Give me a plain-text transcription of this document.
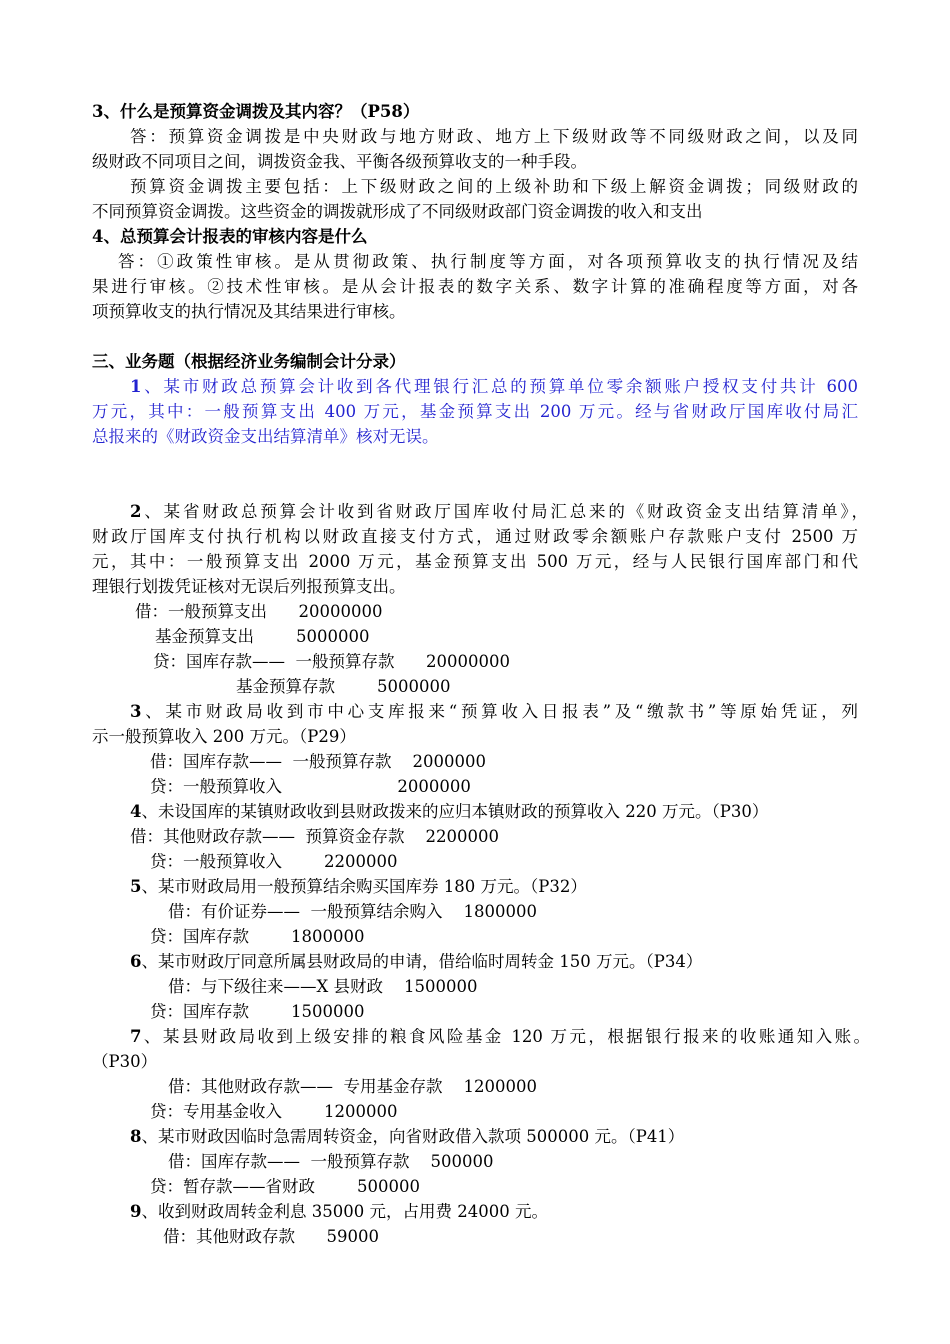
3、什么是预算资金调拨及其内容？（P58）
答：预算资金调拨是中央财政与地方财政、地方上下级财政等不同级财政之间，以及同
级财政不同项目之间，调拨资金我、平衡各级预算收支的一种手段。
预算资金调拨主要包括：上下级财政之间的上级补助和下级上解资金调拨；同级财政的
不同预算资金调拨。这些资金的调拨就形成了不同级财政部门资金调拨的收入和支出
4、总预算会计报表的审核内容是什么
答：①政策性审核。是从贯彻政策、执行制度等方面，对各项预算收支的执行情况及结
果进行审核。②技术性审核。是从会计报表的数字关系、数字计算的准确程度等方面，对各
项预算收支的执行情况及其结果进行审核。
三、业务题（根据经济业务编制会计分录）
1、某市财政总预算会计收到各代理银行汇总的预算单位零余额账户授权支付共计 600
万元，其中：一般预算支出 400 万元，基金预算支出 200 万元。经与省财政厅国库收付局汇
总报来的《财政资金支出结算清单》核对无误。
2、某省财政总预算会计收到省财政厅国库收付局汇总来的《财政资金支出结算清单》，
财政厅国库支付执行机构以财政直接支付方式，通过财政零余额账户存款账户支付 2500 万
元，其中：一般预算支出 2000 万元，基金预算支出 500 万元，经与人民银行国库部门和代
理银行划拨凭证核对无误后列报预算支出。
借：一般预算支出      20000000
基金预算支出        5000000
贷：国库存款——  一般预算存款      20000000
基金预算存款        5000000
3、某市财政局收到市中心支库报来“预算收入日报表”及“缴款书”等原始凭证，列
示一般预算收入 200 万元。（P29）
借：国库存款——  一般预算存款    2000000
贷：一般预算收入                      2000000
4、未设国库的某镇财政收到县财政拨来的应归本镇财政的预算收入 220 万元。（P30）
借：其他财政存款——  预算资金存款    2200000
贷：一般预算收入        2200000
5、某市财政局用一般预算结余购买国库券 180 万元。（P32）
借：有价证券——  一般预算结余购入    1800000
贷：国库存款        1800000
6、某市财政厅同意所属县财政局的申请，借给临时周转金 150 万元。（P34）
借：与下级往来——X 县财政    1500000
贷：国库存款        1500000
7、某县财政局收到上级安排的粮食风险基金 120 万元，根据银行报来的收账通知入账。
（P30）
借：其他财政存款——  专用基金存款    1200000
贷：专用基金收入        1200000
8、某市财政因临时急需周转资金，向省财政借入款项 500000 元。（P41）
借：国库存款——  一般预算存款    500000
贷：暂存款——省财政        500000
9、收到财政周转金利息 35000 元，占用费 24000 元。
借：其他财政存款      59000
